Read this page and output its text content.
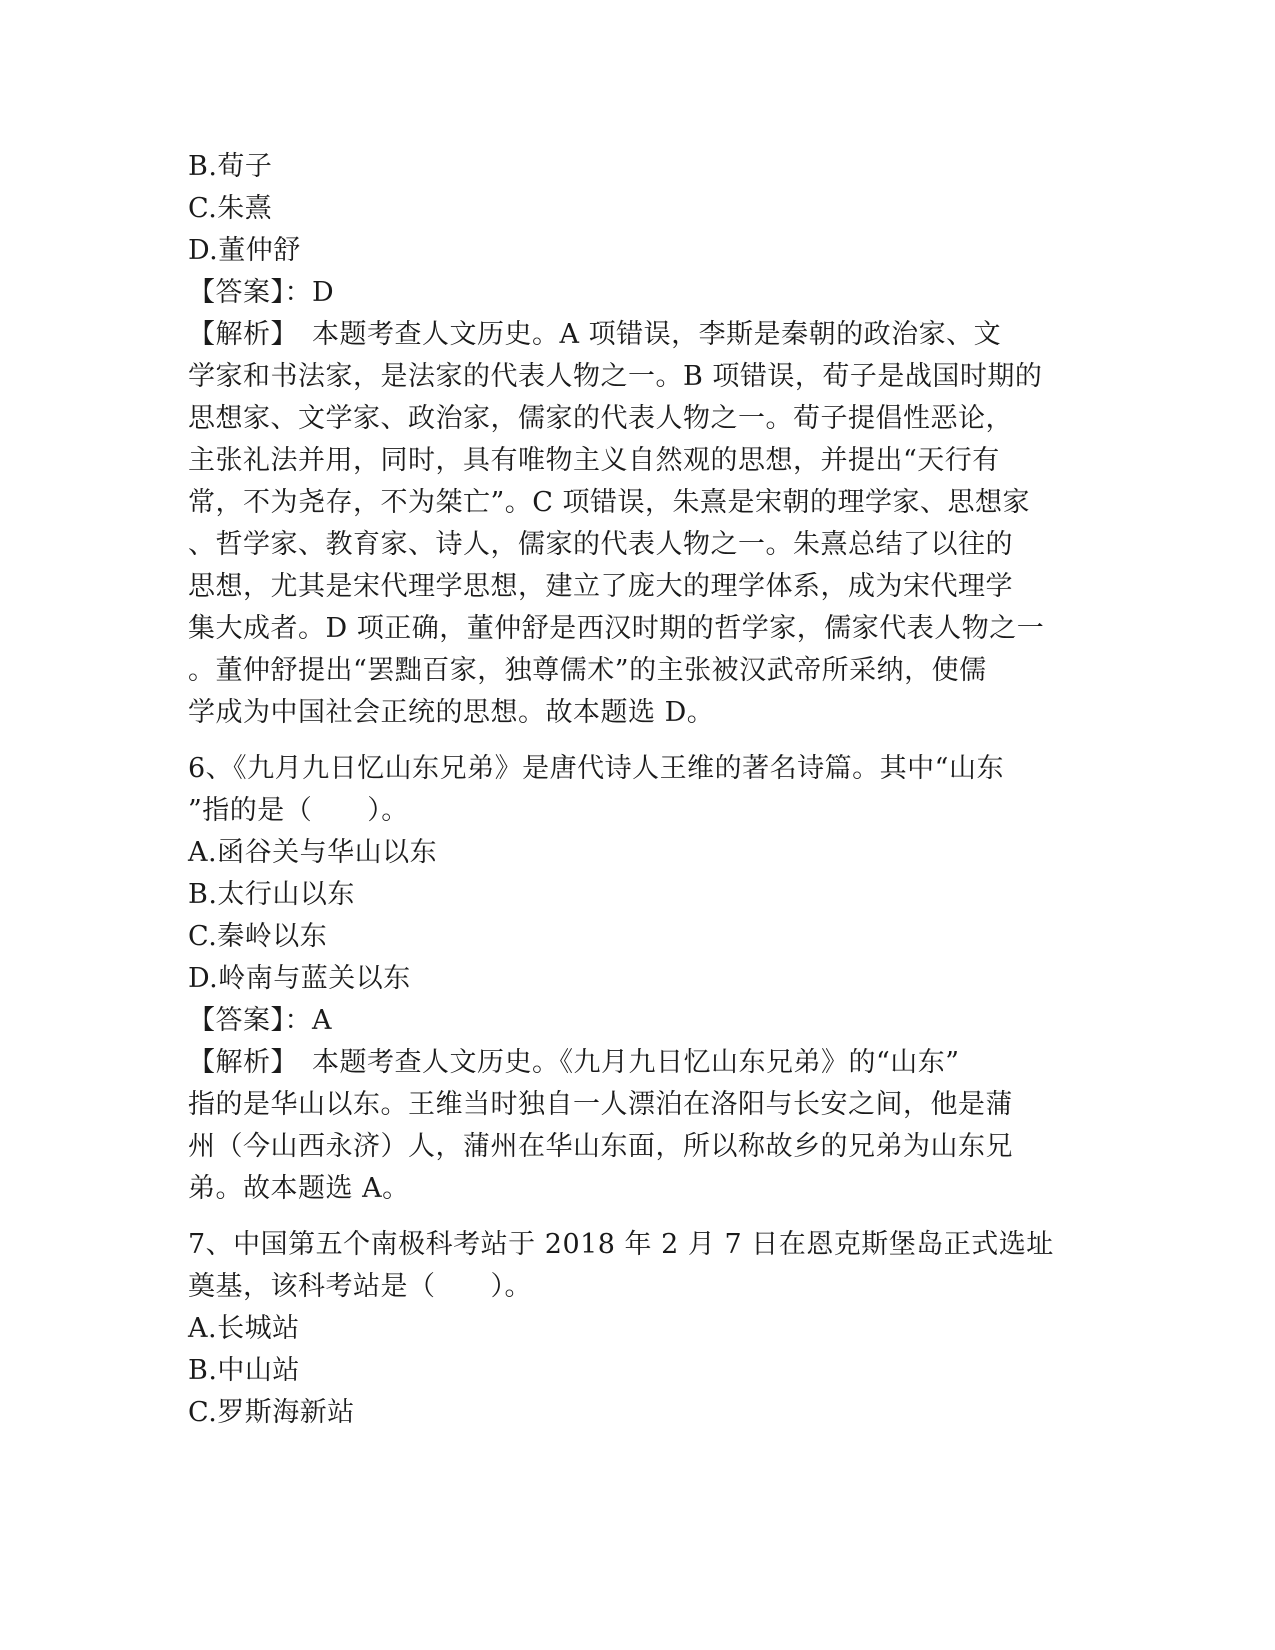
B.荀子
C.朱熹
D.董仲舒
【答案】：D
【解析】　本题考查人文历史。A 项错误，李斯是秦朝的政治家、文
学家和书法家，是法家的代表人物之一。B 项错误，荀子是战国时期的
思想家、文学家、政治家，儒家的代表人物之一。荀子提倡性恶论，
主张礼法并用，同时，具有唯物主义自然观的思想，并提出“天行有
常，不为尧存，不为桀亡”。C 项错误，朱熹是宋朝的理学家、思想家
、哲学家、教育家、诗人，儒家的代表人物之一。朱熹总结了以往的
思想，尤其是宋代理学思想，建立了庞大的理学体系，成为宋代理学
集大成者。D 项正确，董仲舒是西汉时期的哲学家，儒家代表人物之一
。董仲舒提出“罢黜百家，独尊儒术”的主张被汉武帝所采纳，使儒
学成为中国社会正统的思想。故本题选 D。
6、《九月九日忆山东兄弟》是唐代诗人王维的著名诗篇。其中“山东
”指的是（　　）。
A.函谷关与华山以东
B.太行山以东
C.秦岭以东
D.岭南与蓝关以东
【答案】：A
【解析】　本题考查人文历史。《九月九日忆山东兄弟》的“山东”
指的是华山以东。王维当时独自一人漂泊在洛阳与长安之间，他是蒲
州（今山西永济）人，蒲州在华山东面，所以称故乡的兄弟为山东兄
弟。故本题选 A。
7、中国第五个南极科考站于 2018 年 2 月 7 日在恩克斯堡岛正式选址
奠基，该科考站是（　　）。
A.长城站
B.中山站
C.罗斯海新站
